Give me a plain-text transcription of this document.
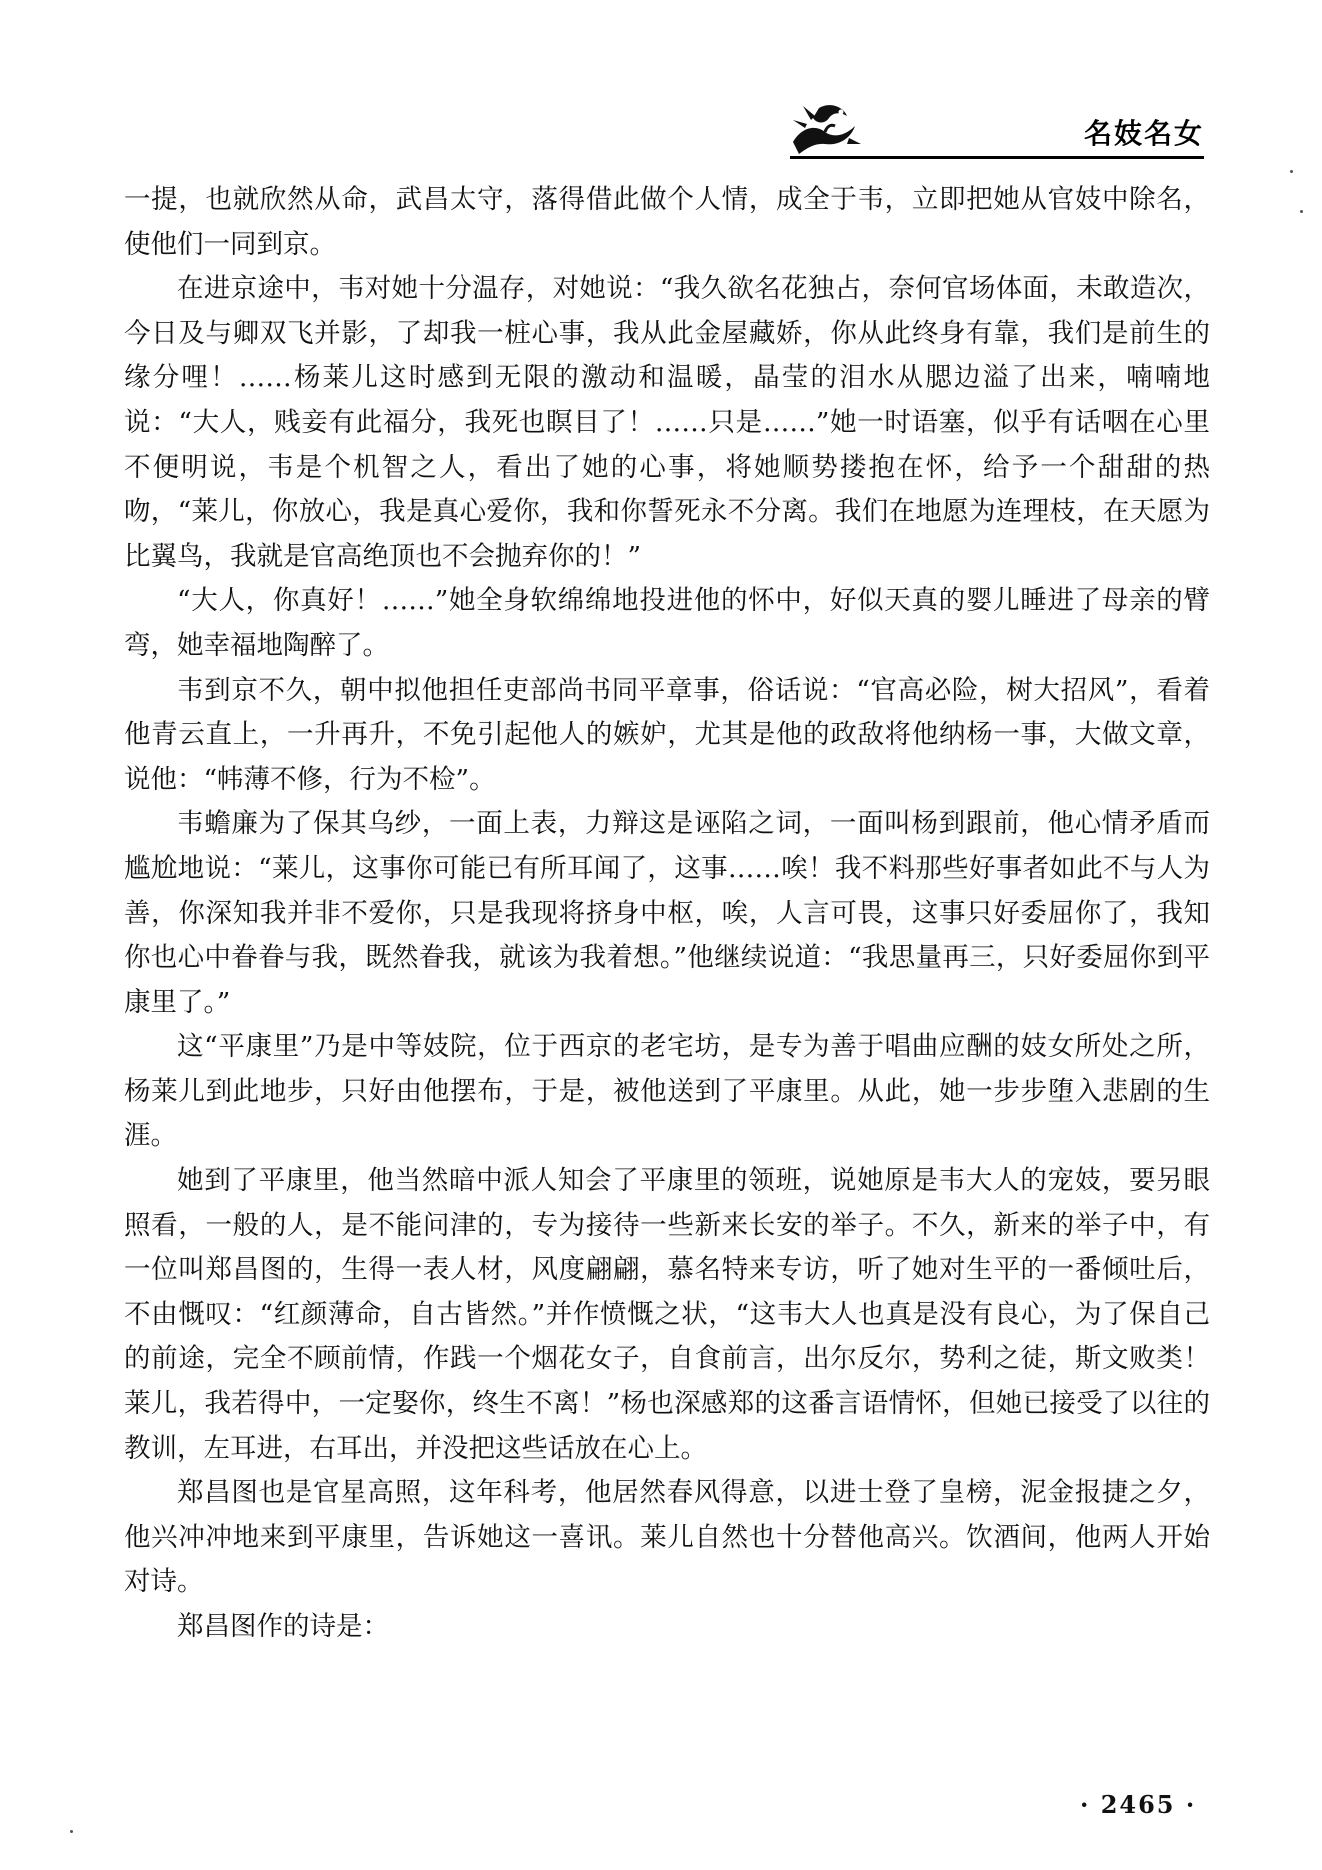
名妓名女

一提，也就欣然从命，武昌太守，落得借此做个人情，成全于韦，立即把她从官妓中除名，使他们一同到京。

在进京途中，韦对她十分温存，对她说：“我久欲名花独占，奈何官场体面，未敢造次，今日及与卿双飞并影，了却我一桩心事，我从此金屋藏娇，你从此终身有靠，我们是前生的缘分哩！……杨莱儿这时感到无限的激动和温暖，晶莹的泪水从腮边溢了出来，喃喃地说：“大人，贱妾有此福分，我死也瞑目了！……只是……”她一时语塞，似乎有话咽在心里不便明说，韦是个机智之人，看出了她的心事，将她顺势搂抱在怀，给予一个甜甜的热吻，“莱儿，你放心，我是真心爱你，我和你誓死永不分离。我们在地愿为连理枝，在天愿为比翼鸟，我就是官高绝顶也不会抛弃你的！”

“大人，你真好！……”她全身软绵绵地投进他的怀中，好似天真的婴儿睡进了母亲的臂弯，她幸福地陶醉了。

韦到京不久，朝中拟他担任吏部尚书同平章事，俗话说：“官高必险，树大招风”，看着他青云直上，一升再升，不免引起他人的嫉妒，尤其是他的政敌将他纳杨一事，大做文章，说他：“帏薄不修，行为不检”。

韦蟾廉为了保其乌纱，一面上表，力辩这是诬陷之词，一面叫杨到跟前，他心情矛盾而尴尬地说：“莱儿，这事你可能已有所耳闻了，这事……唉！我不料那些好事者如此不与人为善，你深知我并非不爱你，只是我现将挤身中枢，唉，人言可畏，这事只好委屈你了，我知你也心中眷眷与我，既然眷我，就该为我着想。”他继续说道：“我思量再三，只好委屈你到平康里了。”

这“平康里”乃是中等妓院，位于西京的老宅坊，是专为善于唱曲应酬的妓女所处之所，杨莱儿到此地步，只好由他摆布，于是，被他送到了平康里。从此，她一步步堕入悲剧的生涯。

她到了平康里，他当然暗中派人知会了平康里的领班，说她原是韦大人的宠妓，要另眼照看，一般的人，是不能问津的，专为接待一些新来长安的举子。不久，新来的举子中，有一位叫郑昌图的，生得一表人材，风度翩翩，慕名特来专访，听了她对生平的一番倾吐后，不由慨叹：“红颜薄命，自古皆然。”并作愤慨之状，“这韦大人也真是没有良心，为了保自己的前途，完全不顾前情，作践一个烟花女子，自食前言，出尔反尔，势利之徒，斯文败类！莱儿，我若得中，一定娶你，终生不离！”杨也深感郑的这番言语情怀，但她已接受了以往的教训，左耳进，右耳出，并没把这些话放在心上。

郑昌图也是官星高照，这年科考，他居然春风得意，以进士登了皇榜，泥金报捷之夕，他兴冲冲地来到平康里，告诉她这一喜讯。莱儿自然也十分替他高兴。饮酒间，他两人开始对诗。

郑昌图作的诗是：

· 2465 ·
